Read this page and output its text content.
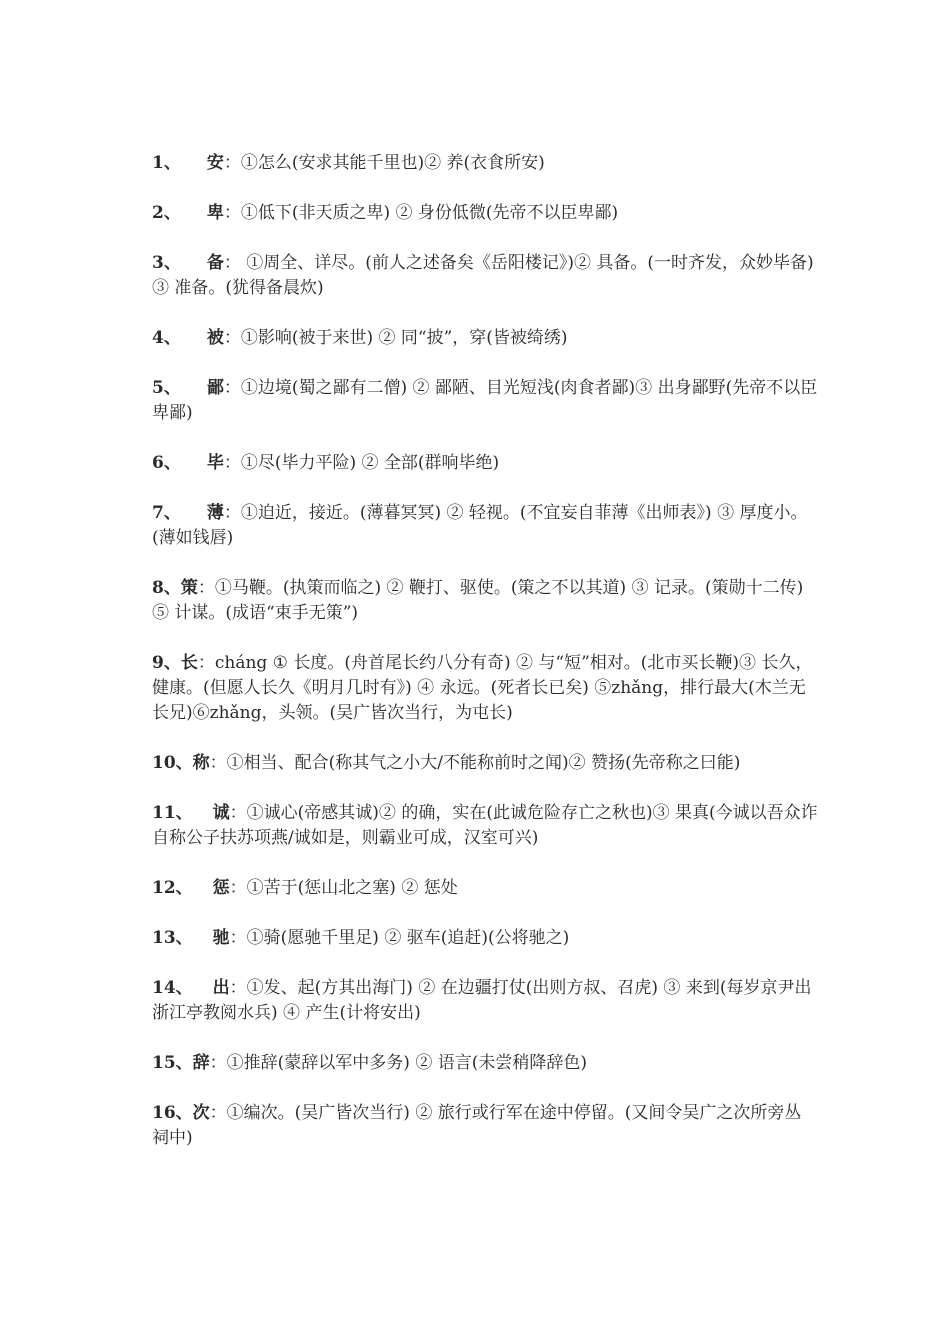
1、 安：①怎么(安求其能千里也)② 养(衣食所安)

2、 卑：①低下(非天质之卑) ② 身份低微(先帝不以臣卑鄙)

3、 备： ①周全、详尽。(前人之述备矣《岳阳楼记》)② 具备。(一时齐发，众妙毕备)③ 准备。(犹得备晨炊)

4、 被：①影响(被于来世) ② 同“披”，穿(皆被绮绣)

5、 鄙：①边境(蜀之鄙有二僧) ② 鄙陋、目光短浅(肉食者鄙)③ 出身鄙野(先帝不以臣卑鄙)

6、 毕：①尽(毕力平险) ② 全部(群响毕绝)

7、 薄：①迫近，接近。(薄暮冥冥) ② 轻视。(不宜妄自菲薄《出师表》) ③ 厚度小。(薄如钱唇)

8、策：①马鞭。(执策而临之) ② 鞭打、驱使。(策之不以其道) ③ 记录。(策勋十二传) ⑤ 计谋。(成语“束手无策”)

9、长：cháng ① 长度。(舟首尾长约八分有奇) ② 与“短”相对。(北市买长鞭)③ 长久，健康。(但愿人长久《明月几时有》) ④ 永远。(死者长已矣) ⑤zhǎng，排行最大(木兰无长兄)⑥zhǎng，头领。(吴广皆次当行，为屯长)

10、称：①相当、配合(称其气之小大/不能称前时之闻)② 赞扬(先帝称之曰能)

11、 诚：①诚心(帝感其诚)② 的确，实在(此诚危险存亡之秋也)③ 果真(今诚以吾众诈自称公子扶苏项燕/诚如是，则霸业可成，汉室可兴)

12、 惩：①苦于(惩山北之塞) ② 惩处

13、 驰：①骑(愿驰千里足) ② 驱车(追赶)(公将驰之)

14、 出：①发、起(方其出海门) ② 在边疆打仗(出则方叔、召虎) ③ 来到(每岁京尹出浙江亭教阅水兵) ④ 产生(计将安出)

15、辞：①推辞(蒙辞以军中多务) ② 语言(未尝稍降辞色)

16、次：①编次。(吴广皆次当行) ② 旅行或行军在途中停留。(又间令吴广之次所旁丛祠中)
